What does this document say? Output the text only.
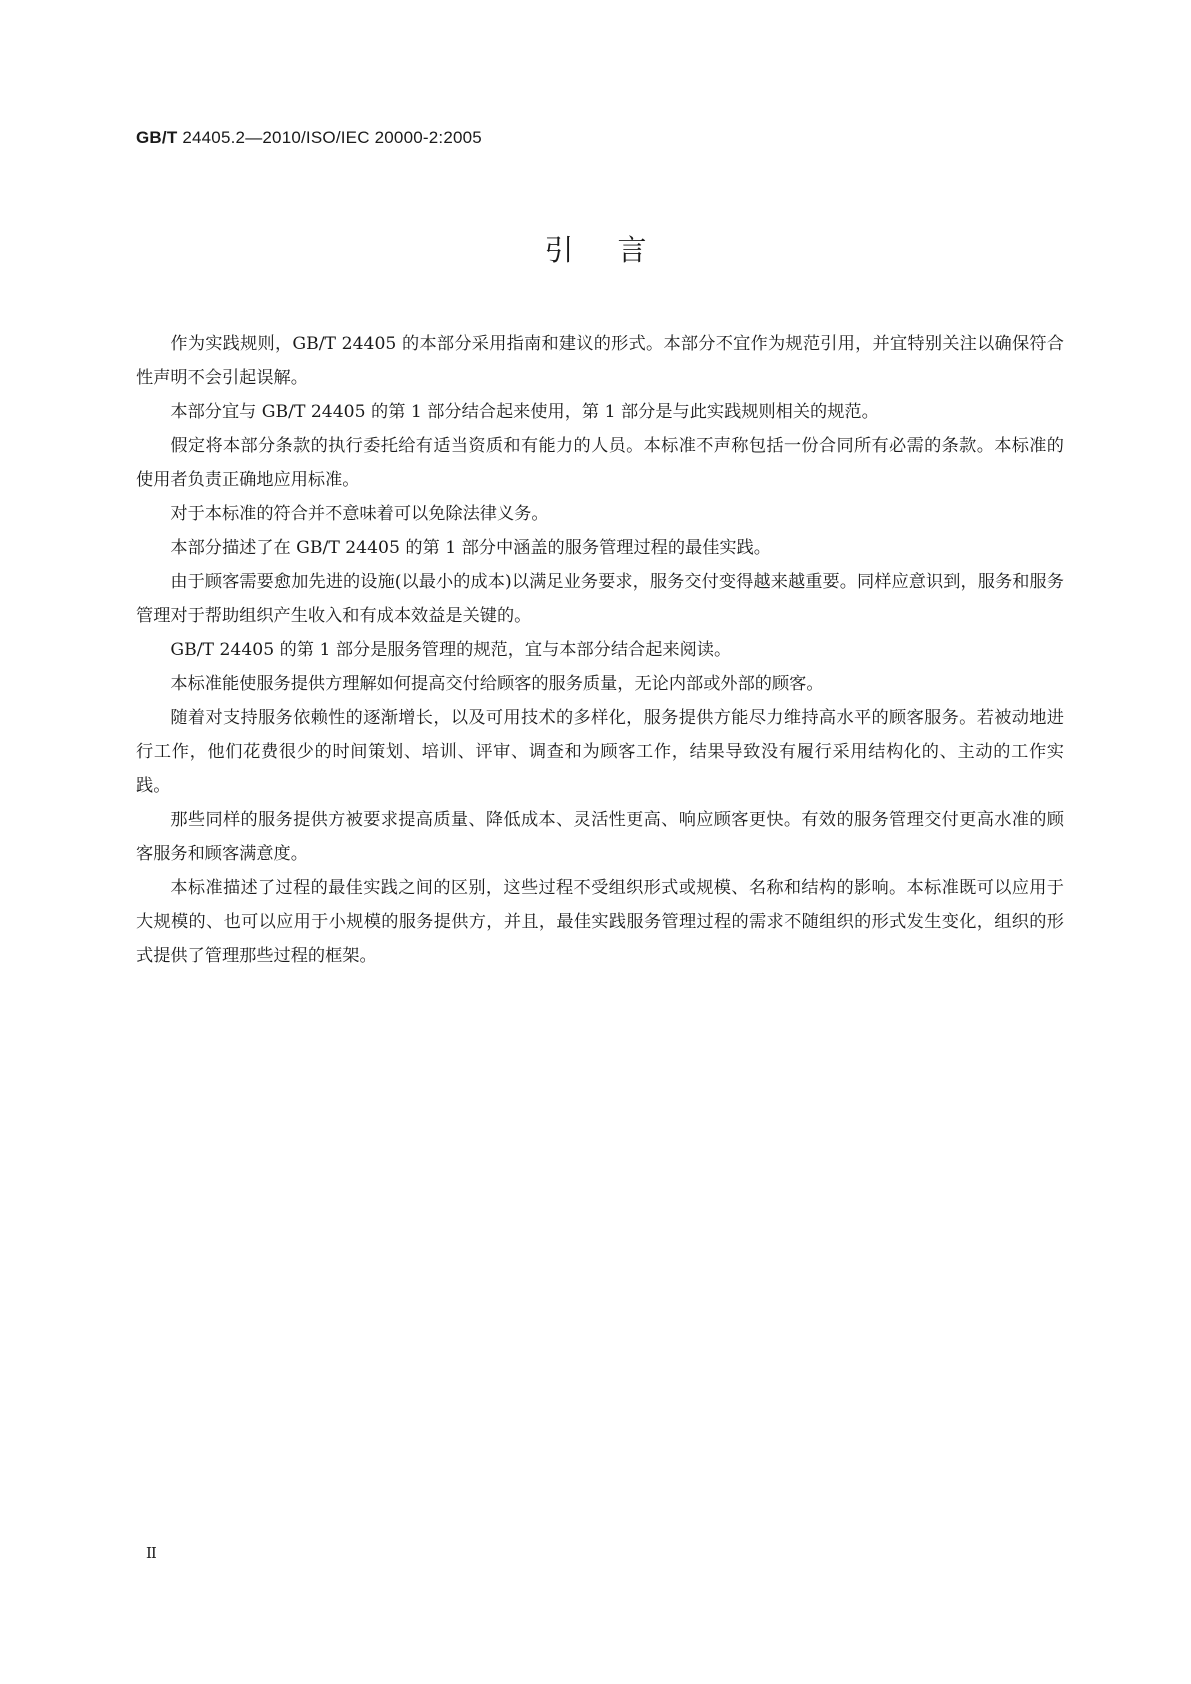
GB/T 24405.2—2010/ISO/IEC 20000-2:2005
引言

作为实践规则，GB/T 24405 的本部分采用指南和建议的形式。本部分不宜作为规范引用，并宜特别关注以确保符合性声明不会引起误解。

本部分宜与 GB/T 24405 的第 1 部分结合起来使用，第 1 部分是与此实践规则相关的规范。

假定将本部分条款的执行委托给有适当资质和有能力的人员。本标准不声称包括一份合同所有必需的条款。本标准的使用者负责正确地应用标准。

对于本标准的符合并不意味着可以免除法律义务。

本部分描述了在 GB/T 24405 的第 1 部分中涵盖的服务管理过程的最佳实践。

由于顾客需要愈加先进的设施(以最小的成本)以满足业务要求，服务交付变得越来越重要。同样应意识到，服务和服务管理对于帮助组织产生收入和有成本效益是关键的。

GB/T 24405 的第 1 部分是服务管理的规范，宜与本部分结合起来阅读。

本标准能使服务提供方理解如何提高交付给顾客的服务质量，无论内部或外部的顾客。

随着对支持服务依赖性的逐渐增长，以及可用技术的多样化，服务提供方能尽力维持高水平的顾客服务。若被动地进行工作，他们花费很少的时间策划、培训、评审、调查和为顾客工作，结果导致没有履行采用结构化的、主动的工作实践。

那些同样的服务提供方被要求提高质量、降低成本、灵活性更高、响应顾客更快。有效的服务管理交付更高水准的顾客服务和顾客满意度。

本标准描述了过程的最佳实践之间的区别，这些过程不受组织形式或规模、名称和结构的影响。本标准既可以应用于大规模的、也可以应用于小规模的服务提供方，并且，最佳实践服务管理过程的需求不随组织的形式发生变化，组织的形式提供了管理那些过程的框架。

II
